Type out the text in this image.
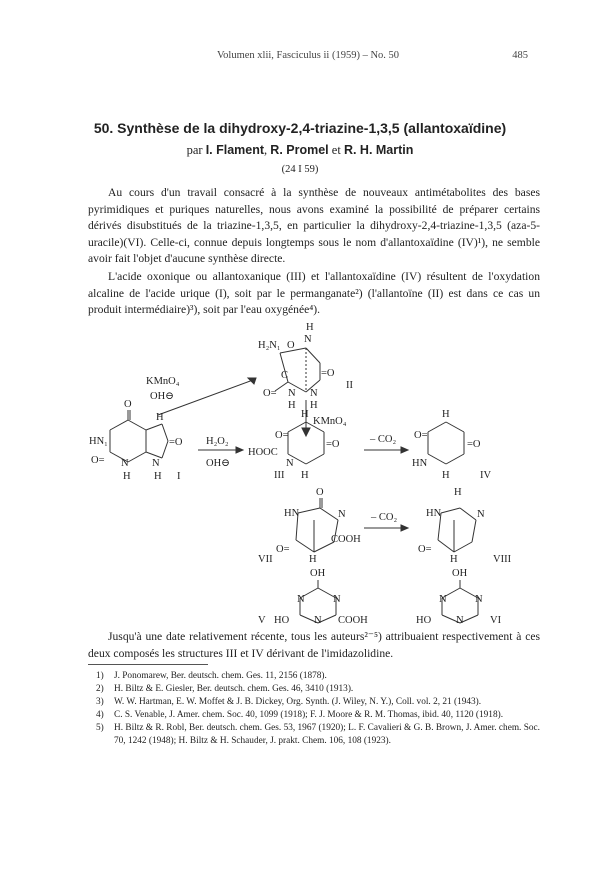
Volumen xlii, Fasciculus ii (1959) – No. 50	485
50. Synthèse de la dihydroxy-2,4-triazine-1,3,5 (allantoxaïdine)
par I. Flament, R. Promel et R. H. Martin
(24 I 59)

Au cours d'un travail consacré à la synthèse de nouveaux antimétabolites des bases pyrimidiques et puriques naturelles, nous avons examiné la possibilité de préparer certains dérivés disubstitués de la triazine-1,3,5, en particulier la dihydroxy-2,4-triazine-1,3,5 (aza-5-uracile)(VI). Celle-ci, connue depuis longtemps sous le nom d'allantoxaïdine (IV)¹), ne semble avoir fait l'objet d'aucune synthèse directe.

L'acide oxonique ou allantoxanique (III) et l'allantoxaïdine (IV) résultent de l'oxydation alcaline de l'acide urique (I), soit par le permanganate²) (l'allantoïne (II) est dans ce cas un produit intermédiaire)³), soit par l'eau oxygénée⁴).

H
H₂N₁ O
N
=O
C
O= N N
H H
II
KMnO₄
KMnO₄
OH⊖
O
H
HN₁	=O
O= N N
H H I
H₂O₂
OH⊖
H
O=
=O
HOOC
N
H
III
– CO₂
H
O=
=O
HN
H	IV
O
HN	N
O=
COOH
H
VII
– CO₂
H
HN	N
O=
H	VIII
OH
N	N
HO N COOH
V
OH
N	N
HO N	VI

Jusqu'à une date relativement récente, tous les auteurs²⁻⁵) attribuaient respectivement à ces deux composés les structures III et IV dérivant de l'imidazolidine.

1) J. Ponomarew, Ber. deutsch. chem. Ges. 11, 2156 (1878).

2) H. Biltz & E. Giesler, Ber. deutsch. chem. Ges. 46, 3410 (1913).

3) W. W. Hartman, E. W. Moffet & J. B. Dickey, Org. Synth. (J. Wiley, N. Y.), Coll. vol. 2, 21 (1943).

4) C. S. Venable, J. Amer. chem. Soc. 40, 1099 (1918); F. J. Moore & R. M. Thomas, ibid. 40, 1120 (1918).

5) H. Biltz & R. Robl, Ber. deutsch. chem. Ges. 53, 1967 (1920); L. F. Cavalieri & G. B. Brown, J. Amer. chem. Soc. 70, 1242 (1948); H. Biltz & H. Schauder, J. prakt. Chem. 106, 108 (1923).
